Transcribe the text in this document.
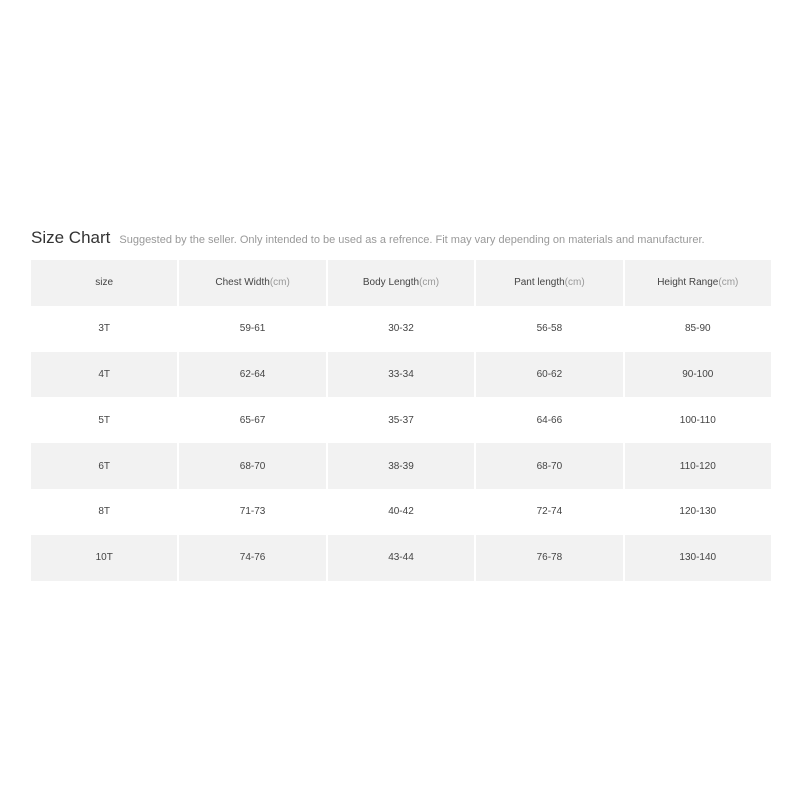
Size Chart Suggested by the seller. Only intended to be used as a refrence. Fit may vary depending on materials and manufacturer.
size	Chest Width(cm)	Body Length(cm)	Pant length(cm)	Height Range(cm)
3T	59-61	30-32	56-58	85-90
4T	62-64	33-34	60-62	90-100
5T	65-67	35-37	64-66	100-110
6T	68-70	38-39	68-70	110-120
8T	71-73	40-42	72-74	120-130
10T	74-76	43-44	76-78	130-140
